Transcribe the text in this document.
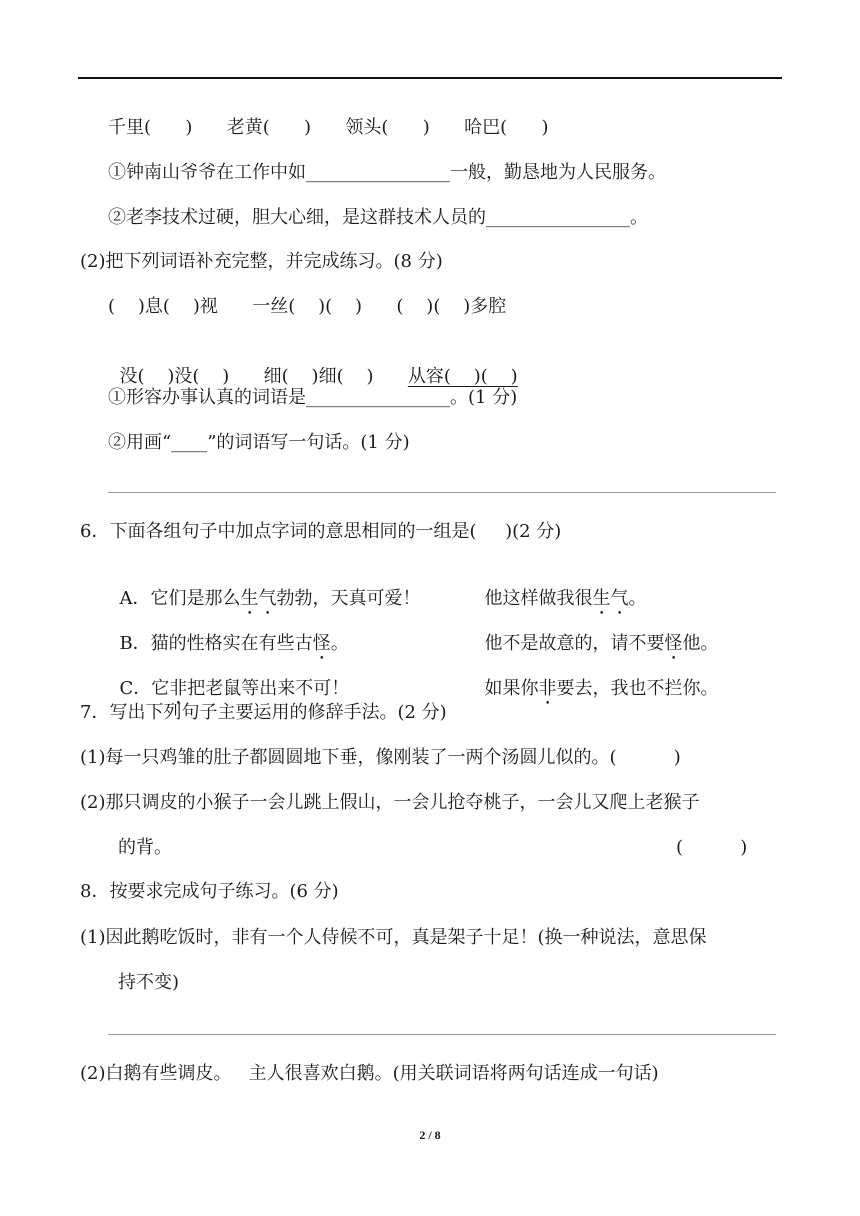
千里(      )      老黄(      )      领头(      )      哈巴(      )
①钟南山爷爷在工作中如________________一般，勤恳地为人民服务。
②老李技术过硬，胆大心细，是这群技术人员的________________。
(2)把下列词语补充完整，并完成练习。(8 分)
(    )息(    )视      一丝(    )(    )      (    )(    )多腔

没(    )没(    )      细(    )细(    )      从容(    )(    )

①形容办事认真的词语是________________。(1 分)
②用画“____”的词语写一句话。(1 分)
6．下面各组句子中加点字词的意思相同的一组是(     )(2 分)

A．它们是那么生气勃勃，天真可爱！	他这样做我很生气。

B．猫的性格实在有些古怪。	他不是故意的，请不要怪他。

C．它非把老鼠等出来不可！	如果你非要去，我也不拦你。

7．写出下列句子主要运用的修辞手法。(2 分)
(1)每一只鸡雏的肚子都圆圆地下垂，像刚装了一两个汤圆儿似的。(          )
(2)那只调皮的小猴子一会儿跳上假山，一会儿抢夺桃子，一会儿又爬上老猴子
的背。	(          )
8．按要求完成句子练习。(6 分)
(1)因此鹅吃饭时，非有一个人侍候不可，真是架子十足！(换一种说法，意思保
持不变)
(2)白鹅有些调皮。   主人很喜欢白鹅。(用关联词语将两句话连成一句话)
2 / 8
